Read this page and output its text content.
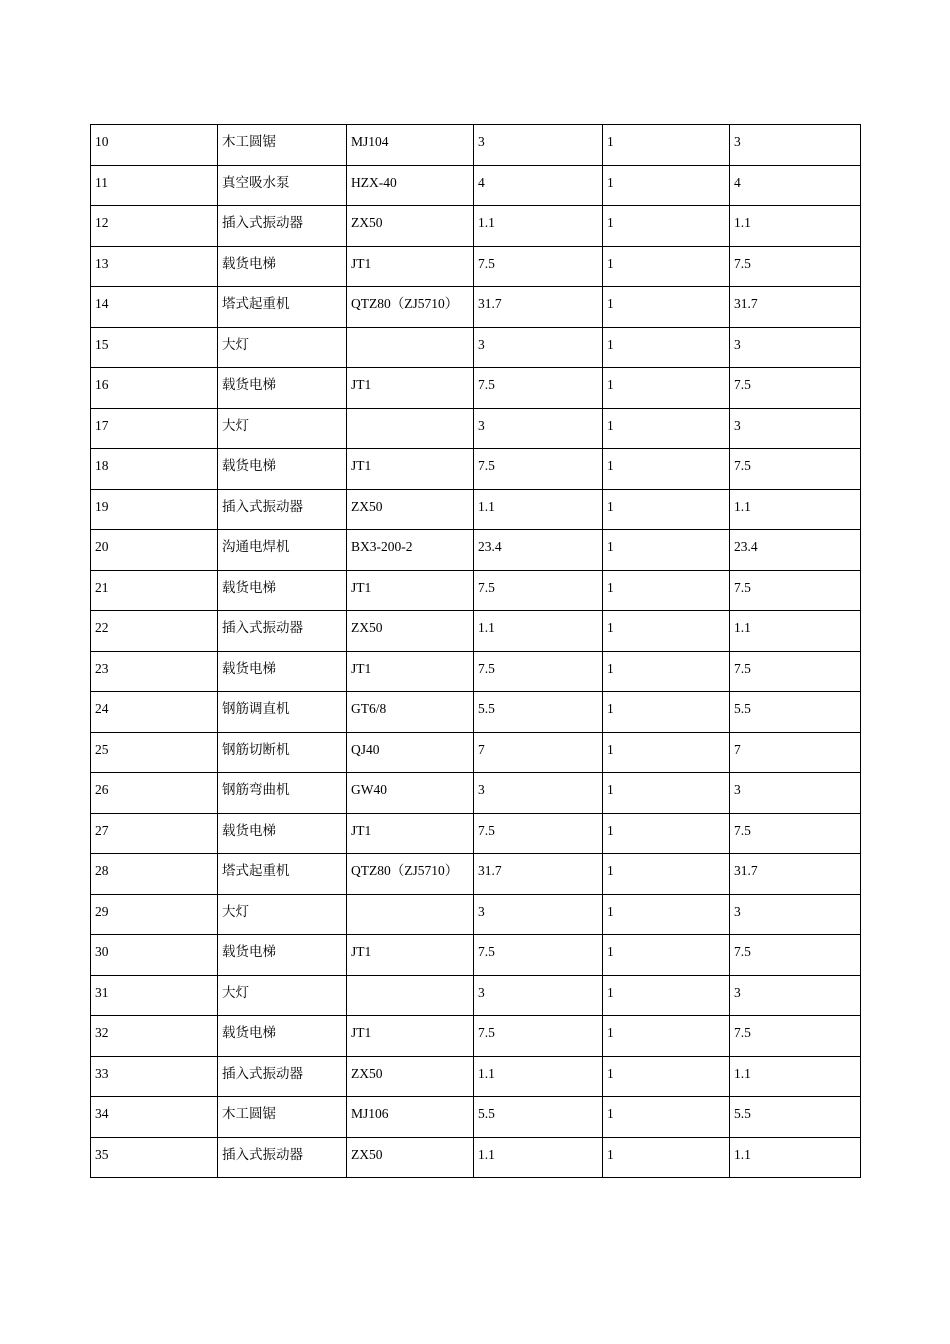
10	木工圆锯	MJ104	3	1	3
11	真空吸水泵	HZX-40	4	1	4
12	插入式振动器	ZX50	1.1	1	1.1
13	载货电梯	JT1	7.5	1	7.5
14	塔式起重机	QTZ80（ZJ5710）	31.7	1	31.7
15	大灯		3	1	3
16	载货电梯	JT1	7.5	1	7.5
17	大灯		3	1	3
18	载货电梯	JT1	7.5	1	7.5
19	插入式振动器	ZX50	1.1	1	1.1
20	沟通电焊机	BX3-200-2	23.4	1	23.4
21	载货电梯	JT1	7.5	1	7.5
22	插入式振动器	ZX50	1.1	1	1.1
23	载货电梯	JT1	7.5	1	7.5
24	钢筋调直机	GT6/8	5.5	1	5.5
25	钢筋切断机	QJ40	7	1	7
26	钢筋弯曲机	GW40	3	1	3
27	载货电梯	JT1	7.5	1	7.5
28	塔式起重机	QTZ80（ZJ5710）	31.7	1	31.7
29	大灯		3	1	3
30	载货电梯	JT1	7.5	1	7.5
31	大灯		3	1	3
32	载货电梯	JT1	7.5	1	7.5
33	插入式振动器	ZX50	1.1	1	1.1
34	木工圆锯	MJ106	5.5	1	5.5
35	插入式振动器	ZX50	1.1	1	1.1
